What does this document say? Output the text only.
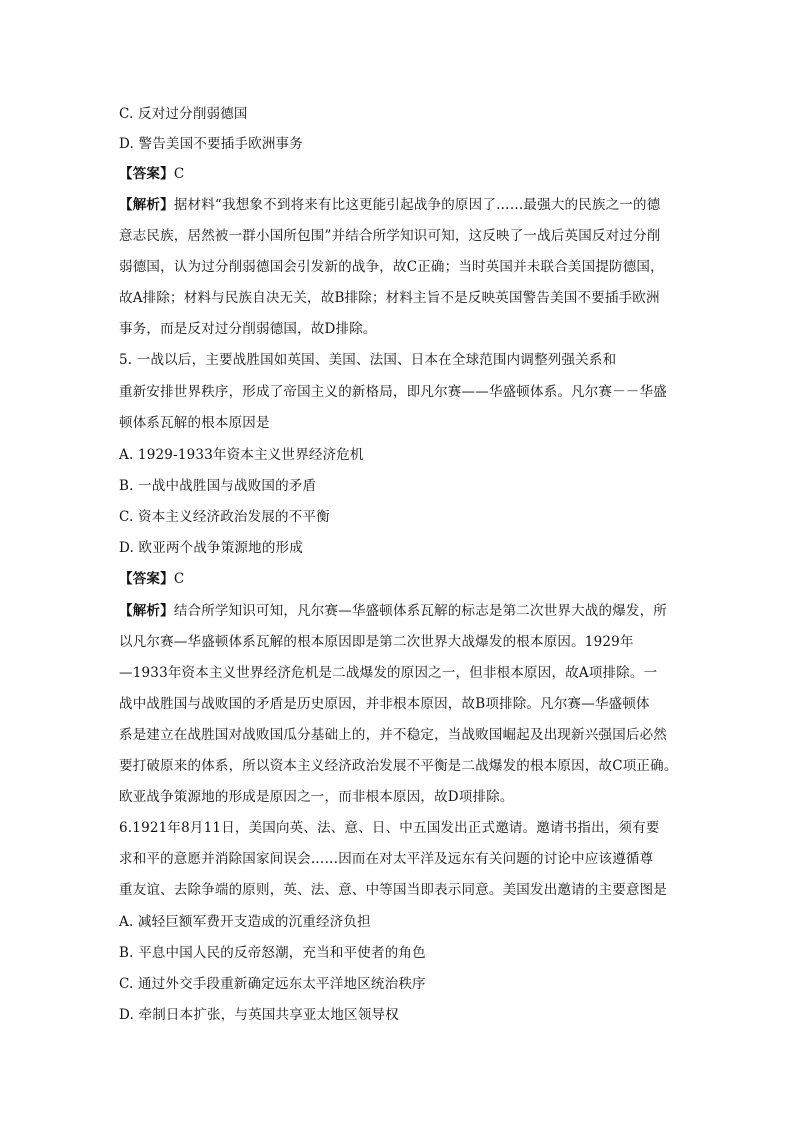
C. 反对过分削弱德国
D. 警告美国不要插手欧洲事务
【答案】C
【解析】据材料“我想象不到将来有比这更能引起战争的原因了……最强大的民族之一的德
意志民族，居然被一群小国所包围”并结合所学知识可知，这反映了一战后英国反对过分削
弱德国，认为过分削弱德国会引发新的战争，故C正确；当时英国并未联合美国提防德国，
故A排除；材料与民族自决无关，故B排除；材料主旨不是反映英国警告美国不要插手欧洲
事务，而是反对过分削弱德国，故D排除。
5. 一战以后，主要战胜国如英国、美国、法国、日本在全球范围内调整列强关系和
重新安排世界秩序，形成了帝国主义的新格局，即凡尔赛——华盛顿体系。凡尔赛－－华盛
顿体系瓦解的根本原因是
A. 1929-1933年资本主义世界经济危机
B. 一战中战胜国与战败国的矛盾
C. 资本主义经济政治发展的不平衡
D. 欧亚两个战争策源地的形成
【答案】C
【解析】结合所学知识可知，凡尔赛—华盛顿体系瓦解的标志是第二次世界大战的爆发，所
以凡尔赛—华盛顿体系瓦解的根本原因即是第二次世界大战爆发的根本原因。1929年
—1933年资本主义世界经济危机是二战爆发的原因之一，但非根本原因，故A项排除。一
战中战胜国与战败国的矛盾是历史原因，并非根本原因，故B项排除。凡尔赛—华盛顿体
系是建立在战胜国对战败国瓜分基础上的，并不稳定，当战败国崛起及出现新兴强国后必然
要打破原来的体系，所以资本主义经济政治发展不平衡是二战爆发的根本原因，故C项正确。
欧亚战争策源地的形成是原因之一，而非根本原因，故D项排除。
6.1921年8月11日，美国向英、法、意、日、中五国发出正式邀请。邀请书指出，须有要
求和平的意愿并消除国家间误会……因而在对太平洋及远东有关问题的讨论中应该遵循尊
重友谊、去除争端的原则，英、法、意、中等国当即表示同意。美国发出邀请的主要意图是
A. 减轻巨额军费开支造成的沉重经济负担
B. 平息中国人民的反帝怒潮，充当和平使者的角色
C. 通过外交手段重新确定远东太平洋地区统治秩序
D. 牵制日本扩张，与英国共享亚太地区领导权
